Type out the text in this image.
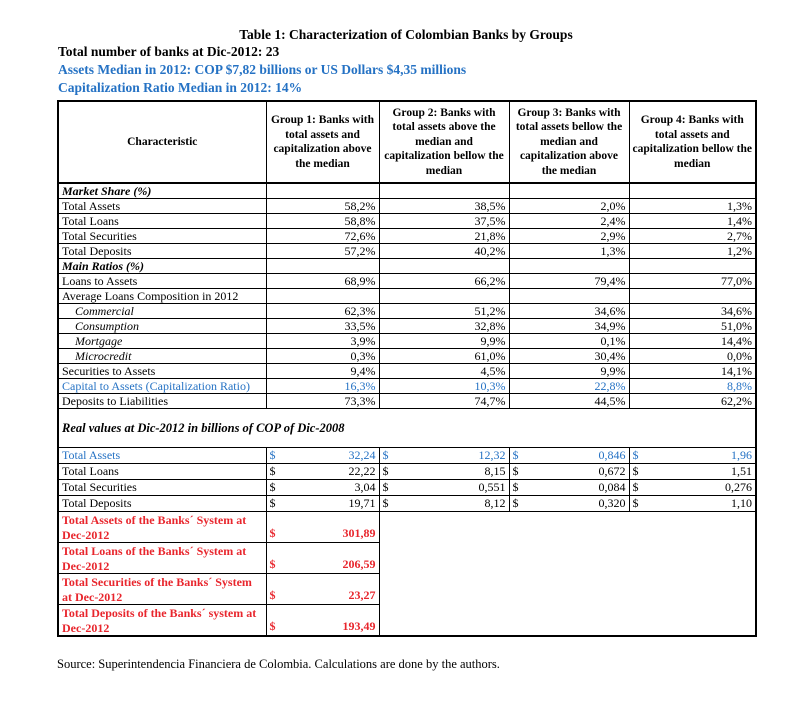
Table 1: Characterization of Colombian Banks by Groups
Total number of banks at Dic-2012: 23
Assets Median in 2012: COP $7,82 billions or US Dollars $4,35 millions
Capitalization Ratio Median in 2012: 14%
Characteristic	Group 1: Banks with total assets and capitalization above the median	Group 2: Banks with total assets above the median and capitalization bellow the median	Group 3: Banks with total assets bellow the median and capitalization above the median	Group 4: Banks with total assets and capitalization bellow the median
Market Share (%)				
Total Assets	58,2%	38,5%	2,0%	1,3%
Total Loans	58,8%	37,5%	2,4%	1,4%
Total Securities	72,6%	21,8%	2,9%	2,7%
Total Deposits	57,2%	40,2%	1,3%	1,2%
Main Ratios (%)				
Loans to Assets	68,9%	66,2%	79,4%	77,0%
Average Loans Composition in 2012				
Commercial	62,3%	51,2%	34,6%	34,6%
Consumption	33,5%	32,8%	34,9%	51,0%
Mortgage	3,9%	9,9%	0,1%	14,4%
Microcredit	0,3%	61,0%	30,4%	0,0%
Securities to Assets	9,4%	4,5%	9,9%	14,1%
Capital to Assets (Capitalization Ratio)	16,3%	10,3%	22,8%	8,8%
Deposits to Liabilities	73,3%	74,7%	44,5%	62,2%
Real values at Dic-2012 in billions of COP of Dic-2008				
Total Assets	$ 32,24	$ 12,32	$ 0,846	$ 1,96

Total Loans	$ 22,22	$ 8,15	$ 0,672	$ 1,51

Total Securities	$ 3,04	$ 0,551	$ 0,084	$ 0,276

Total Deposits	$ 19,71	$ 8,12	$ 0,320	$ 1,10

Total Assets of the Banks´ System at Dec-2012	$ 301,89			

Total Loans of the Banks´ System at Dec-2012	$ 206,59			

Total Securities of the Banks´ System at Dec-2012	$ 23,27			

Total Deposits of the Banks´ system at Dec-2012	$ 193,49			

Source: Superintendencia Financiera de Colombia. Calculations are done by the authors.
